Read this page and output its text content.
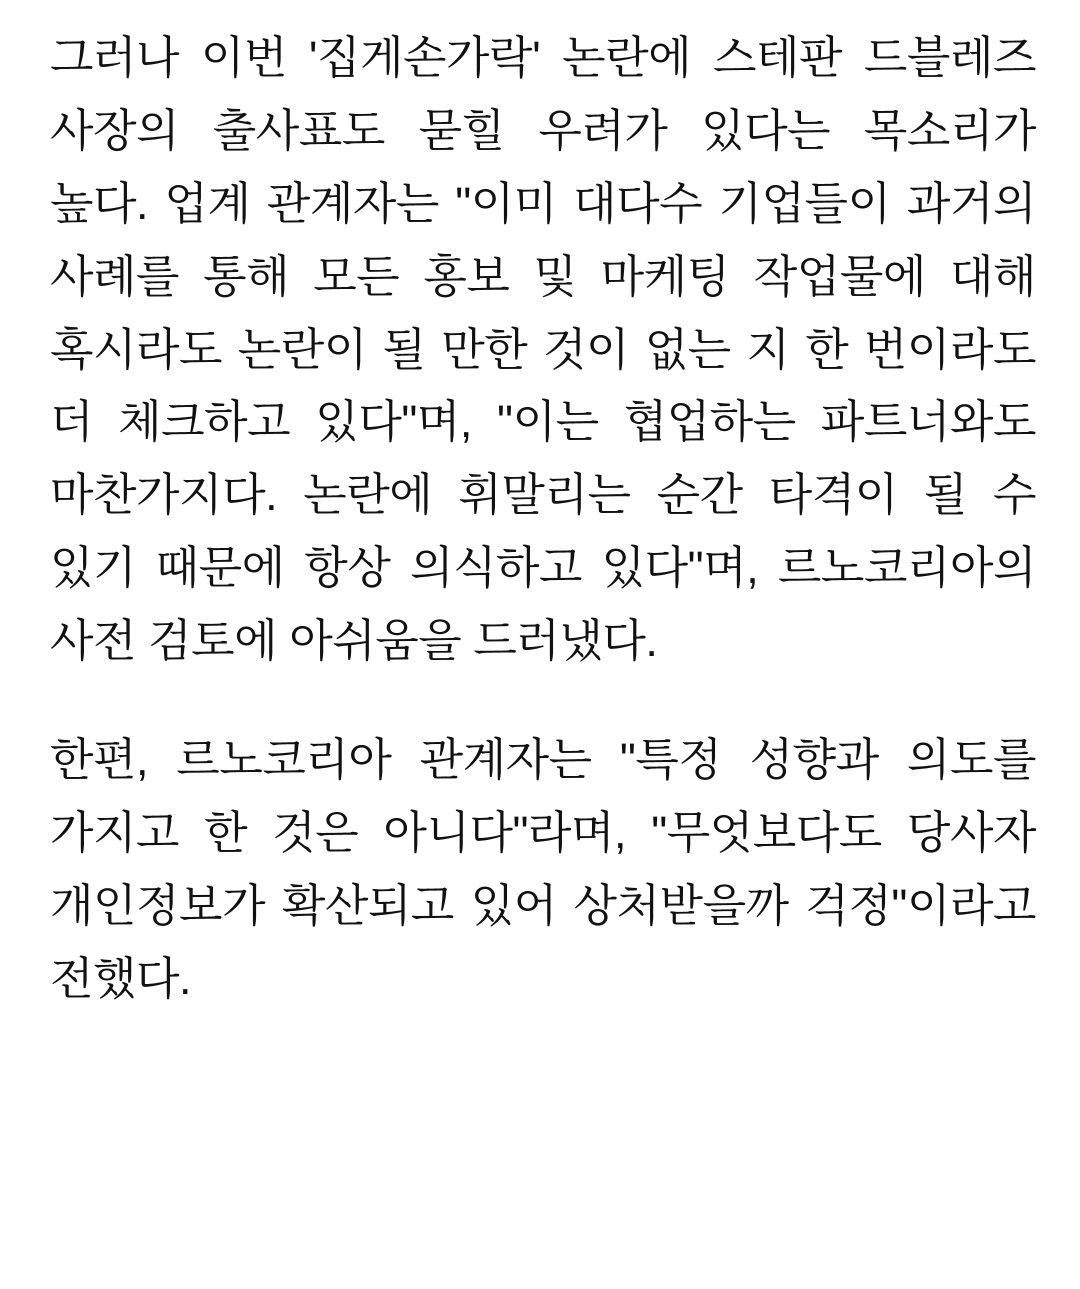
그러나 이번 '집게손가락' 논란에 스테판 드블레즈 사장의 출사표도 묻힐 우려가 있다는 목소리가 높다. 업계 관계자는 "이미 대다수 기업들이 과거의 사례를 통해 모든 홍보 및 마케팅 작업물에 대해 혹시라도 논란이 될 만한 것이 없는 지 한 번이라도 더 체크하고 있다"며, "이는 협업하는 파트너와도 마찬가지다. 논란에 휘말리는 순간 타격이 될 수 있기 때문에 항상 의식하고 있다"며, 르노코리아의 사전 검토에 아쉬움을 드러냈다.

한편, 르노코리아 관계자는 "특정 성향과 의도를 가지고 한 것은 아니다"라며, "무엇보다도 당사자 개인정보가 확산되고 있어 상처받을까 걱정"이라고 전했다.
